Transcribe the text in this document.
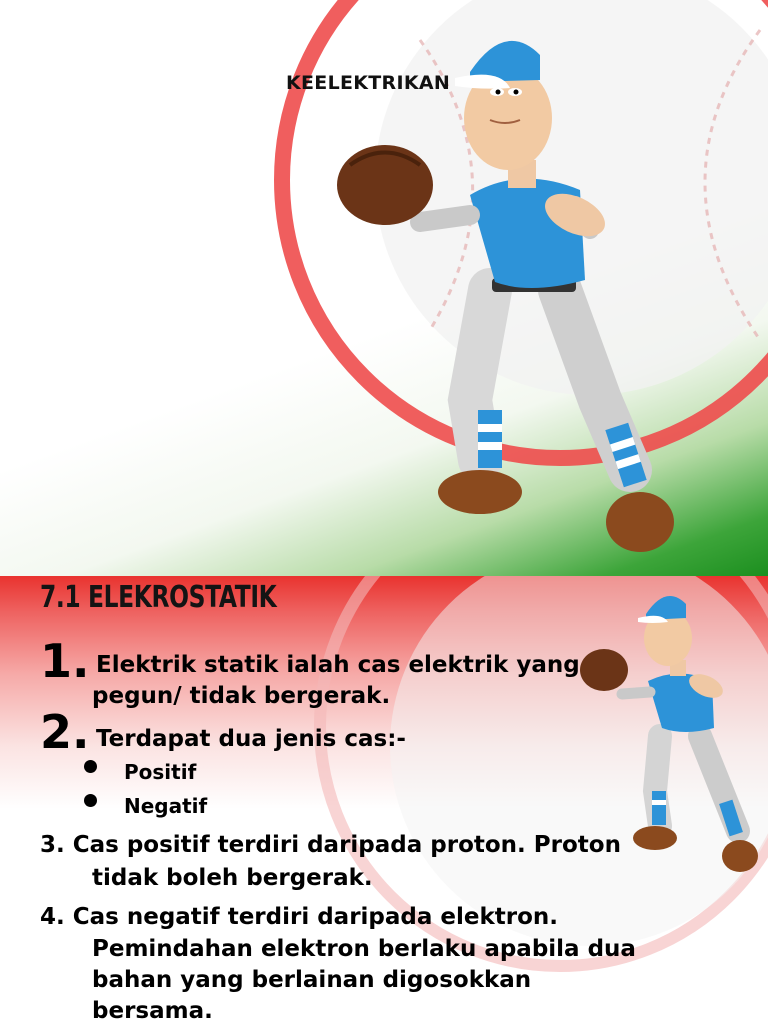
KEELEKTRIKAN
7.1 ELEKROSTATIK
1. Elektrik statik ialah cas elektrik yang
pegun/ tidak bergerak.
2. Terdapat dua jenis cas:-
Positif
Negatif
3. Cas positif terdiri daripada proton. Proton
tidak boleh bergerak.
4. Cas negatif terdiri daripada elektron.
Pemindahan elektron berlaku apabila dua
bahan yang berlainan digosokkan
bersama.
